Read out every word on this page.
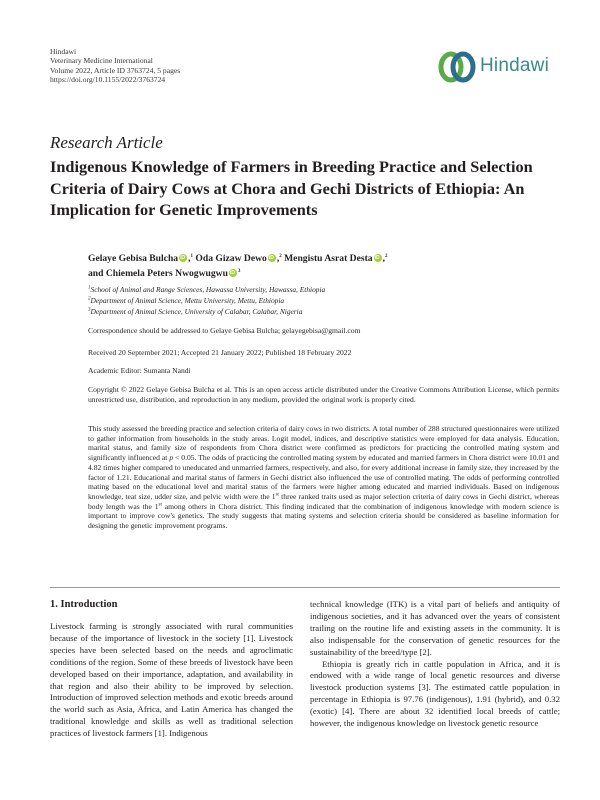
Hindawi
Veterinary Medicine International
Volume 2022, Article ID 3763724, 5 pages
https://doi.org/10.1155/2022/3763724
Hindawi
Research Article
Indigenous Knowledge of Farmers in Breeding Practice and Selection Criteria of Dairy Cows at Chora and Gechi Districts of Ethiopia: An Implication for Genetic Improvements
Gelaye Gebisa Bulcha iD ,$^1$ Oda Gizaw Dewo iD ,$^2$ Mengistu Asrat Desta iD ,$^2$
and Chiemela Peters Nwogwugwu iD $^3$
$^1$School of Animal and Range Sciences, Hawassa University, Hawassa, Ethiopia
$^2$Department of Animal Science, Mettu University, Mettu, Ethiopia
$^3$Department of Animal Science, University of Calabar, Calabar, Nigeria
Correspondence should be addressed to Gelaye Gebisa Bulcha; gelayegebisa@gmail.com
Received 20 September 2021; Accepted 21 January 2022; Published 18 February 2022
Academic Editor: Sumanta Nandi
Copyright © 2022 Gelaye Gebisa Bulcha et al. This is an open access article distributed under the Creative Commons Attribution License, which permits unrestricted use, distribution, and reproduction in any medium, provided the original work is properly cited.
This study assessed the breeding practice and selection criteria of dairy cows in two districts. A total number of 288 structured questionnaires were utilized to gather information from households in the study areas. Logit model, indices, and descriptive statistics were employed for data analysis. Education, marital status, and family size of respondents from Chora district were confirmed as predictors for practicing the controlled mating system and significantly influenced at p < 0.05. The odds of practicing the controlled mating system by educated and married farmers in Chora district were 10.01 and 4.82 times higher compared to uneducated and unmarried farmers, respectively, and also, for every additional increase in family size, they increased by the factor of 1.21. Educational and marital status of farmers in Gechi district also influenced the use of controlled mating. The odds of performing controlled mating based on the educational level and marital status of the farmers were higher among educated and married individuals. Based on indigenous knowledge, teat size, udder size, and pelvic width were the 1st three ranked traits used as major selection criteria of dairy cows in Gechi district, whereas body length was the 1st among others in Chora district. This finding indicated that the combination of indigenous knowledge with modern science is important to improve cow's genetics. The study suggests that mating systems and selection criteria should be considered as baseline information for designing the genetic improvement programs.
1. Introduction

Livestock farming is strongly associated with rural communities because of the importance of livestock in the society [1]. Livestock species have been selected based on the needs and agroclimatic conditions of the region. Some of these breeds of livestock have been developed based on their importance, adaptation, and availability in that region and also their ability to be improved by selection. Introduction of improved selection methods and exotic breeds around the world such as Asia, Africa, and Latin America has changed the traditional knowledge and skills as well as traditional selection practices of livestock farmers [1]. Indigenous

technical knowledge (ITK) is a vital part of beliefs and antiquity of indigenous societies, and it has advanced over the years of consistent trailing on the routine life and existing assets in the community. It is also indispensable for the conservation of genetic resources for the sustainability of the breed/type [2].

Ethiopia is greatly rich in cattle population in Africa, and it is endowed with a wide range of local genetic resources and diverse livestock production systems [3]. The estimated cattle population in percentage in Ethiopia is 97.76 (indigenous), 1.91 (hybrid), and 0.32 (exotic) [4]. There are about 32 identified local breeds of cattle; however, the indigenous knowledge on livestock genetic resource
